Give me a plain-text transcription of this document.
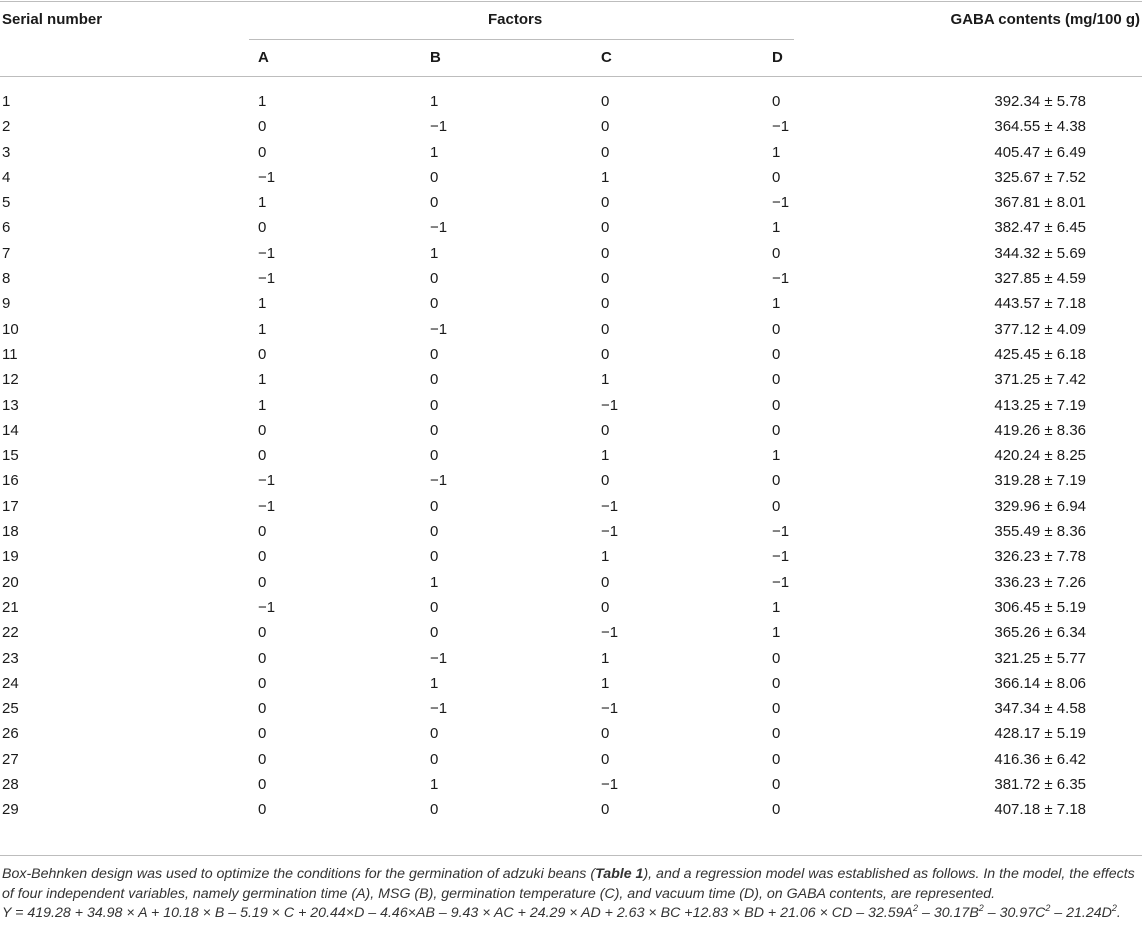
Serial number	Factors	GABA contents (mg/100 g)
A	B	C	D
1	1	1	0	0	392.34 ± 5.78
2	0	−1	0	−1	364.55 ± 4.38
3	0	1	0	1	405.47 ± 6.49
4	−1	0	1	0	325.67 ± 7.52
5	1	0	0	−1	367.81 ± 8.01
6	0	−1	0	1	382.47 ± 6.45
7	−1	1	0	0	344.32 ± 5.69
8	−1	0	0	−1	327.85 ± 4.59
9	1	0	0	1	443.57 ± 7.18
10	1	−1	0	0	377.12 ± 4.09
11	0	0	0	0	425.45 ± 6.18
12	1	0	1	0	371.25 ± 7.42
13	1	0	−1	0	413.25 ± 7.19
14	0	0	0	0	419.26 ± 8.36
15	0	0	1	1	420.24 ± 8.25
16	−1	−1	0	0	319.28 ± 7.19
17	−1	0	−1	0	329.96 ± 6.94
18	0	0	−1	−1	355.49 ± 8.36
19	0	0	1	−1	326.23 ± 7.78
20	0	1	0	−1	336.23 ± 7.26
21	−1	0	0	1	306.45 ± 5.19
22	0	0	−1	1	365.26 ± 6.34
23	0	−1	1	0	321.25 ± 5.77
24	0	1	1	0	366.14 ± 8.06
25	0	−1	−1	0	347.34 ± 4.58
26	0	0	0	0	428.17 ± 5.19
27	0	0	0	0	416.36 ± 6.42
28	0	1	−1	0	381.72 ± 6.35
29	0	0	0	0	407.18 ± 7.18
Box-Behnken design was used to optimize the conditions for the germination of adzuki beans (Table 1), and a regression model was established as follows. In the model, the effects of four independent variables, namely germination time (A), MSG (B), germination temperature (C), and vacuum time (D), on GABA contents, are represented.
Y = 419.28 + 34.98 × A + 10.18 × B – 5.19 × C + 20.44×D – 4.46×AB – 9.43 × AC + 24.29 × AD + 2.63 × BC +12.83 × BD + 21.06 × CD – $32.59A^2 - 30.17B^2 - 30.97C^2 - 21.24D^2$.
